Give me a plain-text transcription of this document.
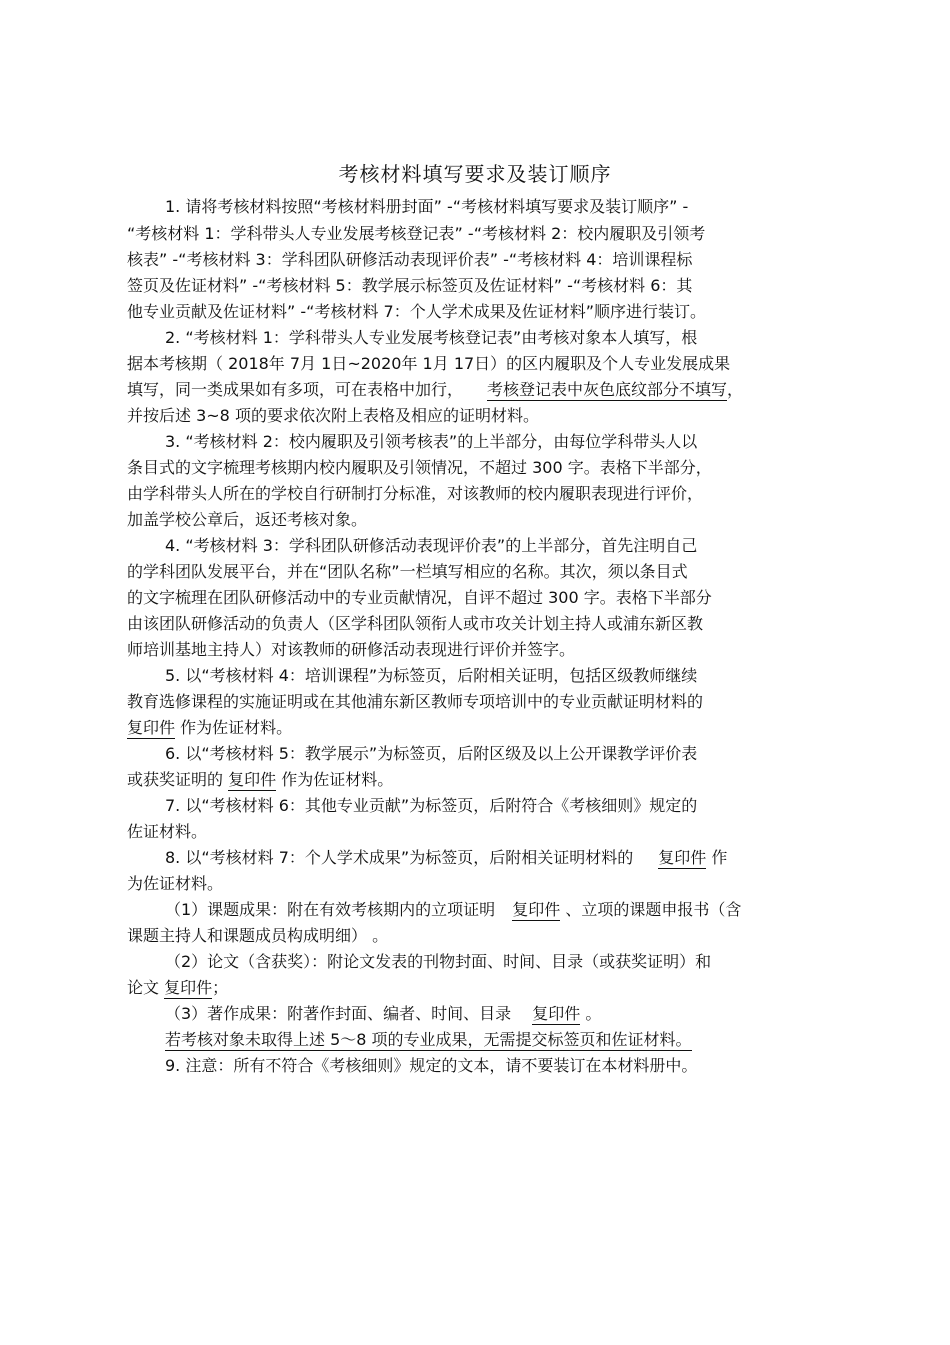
考核材料填写要求及装订顺序
1. 请将考核材料按照“考核材料册封面” -“考核材料填写要求及装订顺序” -
“考核材料 1：学科带头人专业发展考核登记表” -“考核材料 2：校内履职及引领考
核表” -“考核材料 3：学科团队研修活动表现评价表” -“考核材料 4：培训课程标
签页及佐证材料” -“考核材料 5：教学展示标签页及佐证材料” -“考核材料 6：其
他专业贡献及佐证材料” -“考核材料 7：个人学术成果及佐证材料”顺序进行装订。
2. “考核材料 1：学科带头人专业发展考核登记表”由考核对象本人填写，根
据本考核期（ 2018年 7月 1日~2020年 1月 17日）的区内履职及个人专业发展成果
填写，同一类成果如有多项，可在表格中加行， 考核登记表中灰色底纹部分不填写，
并按后述 3~8 项的要求依次附上表格及相应的证明材料。
3. “考核材料 2：校内履职及引领考核表”的上半部分，由每位学科带头人以
条目式的文字梳理考核期内校内履职及引领情况，不超过 300 字。表格下半部分，
由学科带头人所在的学校自行研制打分标准，对该教师的校内履职表现进行评价，
加盖学校公章后，返还考核对象。
4. “考核材料 3：学科团队研修活动表现评价表”的上半部分，首先注明自己
的学科团队发展平台，并在“团队名称”一栏填写相应的名称。其次，须以条目式
的文字梳理在团队研修活动中的专业贡献情况，自评不超过 300 字。表格下半部分
由该团队研修活动的负责人（区学科团队领衔人或市攻关计划主持人或浦东新区教
师培训基地主持人）对该教师的研修活动表现进行评价并签字。
5. 以“考核材料 4：培训课程”为标签页，后附相关证明，包括区级教师继续
教育选修课程的实施证明或在其他浦东新区教师专项培训中的专业贡献证明材料的
复印件 作为佐证材料。
6. 以“考核材料 5：教学展示”为标签页，后附区级及以上公开课教学评价表
或获奖证明的 复印件 作为佐证材料。
7. 以“考核材料 6：其他专业贡献”为标签页，后附符合《考核细则》规定的
佐证材料。
8. 以“考核材料 7：个人学术成果”为标签页，后附相关证明材料的 复印件 作
为佐证材料。
（1）课题成果：附在有效考核期内的立项证明 复印件 、立项的课题申报书（含
课题主持人和课题成员构成明细） 。
（2）论文（含获奖）：附论文发表的刊物封面、时间、目录（或获奖证明）和
论文 复印件；
（3）著作成果：附著作封面、编者、时间、目录 复印件 。
若考核对象未取得上述 5～8 项的专业成果，无需提交标签页和佐证材料。
9. 注意：所有不符合《考核细则》规定的文本，请不要装订在本材料册中。
